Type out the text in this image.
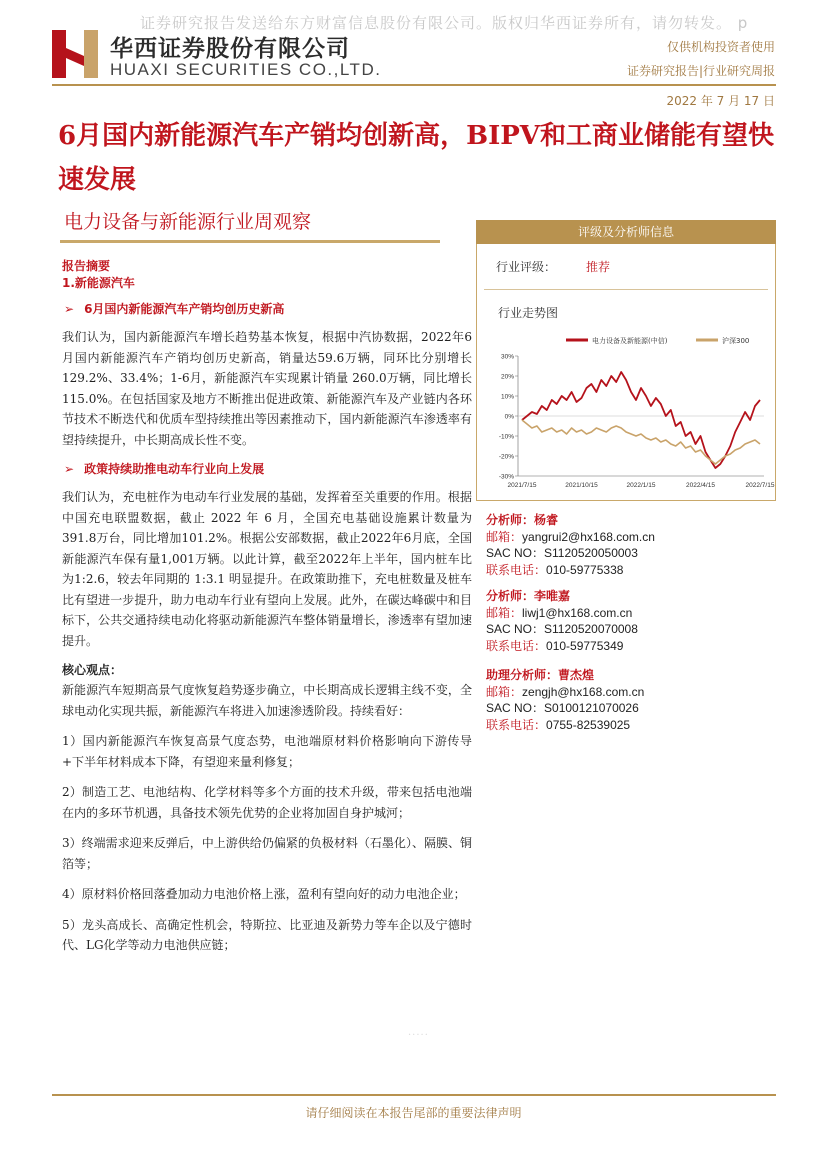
证券研究报告发送给东方财富信息股份有限公司。版权归华西证券所有，请勿转发。 p
华西证券股份有限公司
HUAXI SECURITIES CO.,LTD.
仅供机构投资者使用
证券研究报告|行业研究周报
2022 年 7 月 17 日
6月国内新能源汽车产销均创新高，BIPV和工商业储能有望快速发展
电力设备与新能源行业周观察
报告摘要
1.新能源汽车
➢ 6月国内新能源汽车产销均创历史新高

我们认为，国内新能源汽车增长趋势基本恢复，根据中汽协数据，2022年6月国内新能源汽车产销均创历史新高，销量达59.6万辆，同环比分别增长 129.2%、33.4%；1-6月，新能源汽车实现累计销量 260.0万辆，同比增长 115.0%。在包括国家及地方不断推出促进政策、新能源汽车及产业链内各环节技术不断迭代和优质车型持续推出等因素推动下，国内新能源汽车渗透率有望持续提升，中长期高成长性不变。

➢ 政策持续助推电动车行业向上发展

我们认为，充电桩作为电动车行业发展的基础，发挥着至关重要的作用。根据中国充电联盟数据，截止 2022 年 6 月，全国充电基础设施累计数量为391.8万台，同比增加101.2%。根据公安部数据，截止2022年6月底，全国新能源汽车保有量1,001万辆。以此计算，截至2022年上半年，国内桩车比为1:2.6，较去年同期的 1:3.1 明显提升。在政策助推下，充电桩数量及桩车比有望进一步提升，助力电动车行业有望向上发展。此外，在碳达峰碳中和目标下，公共交通持续电动化将驱动新能源汽车整体销量增长，渗透率有望加速提升。

核心观点：

新能源汽车短期高景气度恢复趋势逐步确立，中长期高成长逻辑主线不变，全球电动化实现共振，新能源汽车将进入加速渗透阶段。持续看好：

1）国内新能源汽车恢复高景气度态势，电池端原材料价格影响向下游传导+下半年材料成本下降，有望迎来量利修复；

2）制造工艺、电池结构、化学材料等多个方面的技术升级，带来包括电池端在内的多环节机遇，具备技术领先优势的企业将加固自身护城河；

3）终端需求迎来反弹后，中上游供给仍偏紧的负极材料（石墨化）、隔膜、铜箔等；

4）原材料价格回落叠加动力电池价格上涨，盈利有望向好的动力电池企业；

5）龙头高成长、高确定性机会，特斯拉、比亚迪及新势力等车企以及宁德时代、LG化学等动力电池供应链；

评级及分析师信息
行业评级： 推荐
行业走势图
电力设备及新能源(中信)	沪深300
30%
20%
10%
0%
-10%
-20%
-30%
2021/7/15	2021/10/15	2022/1/15	2022/4/15	2022/7/15
分析师：杨睿
邮箱：yangrui2@hx168.com.cn
SAC NO：S1120520050003
联系电话：010-59775338
分析师：李唯嘉
邮箱：liwj1@hx168.com.cn
SAC NO：S1120520070008
联系电话：010-59775349
助理分析师：曹杰煌
邮箱：zengjh@hx168.com.cn
SAC NO：S0100121070026
联系电话：0755-82539025
·····
请仔细阅读在本报告尾部的重要法律声明
